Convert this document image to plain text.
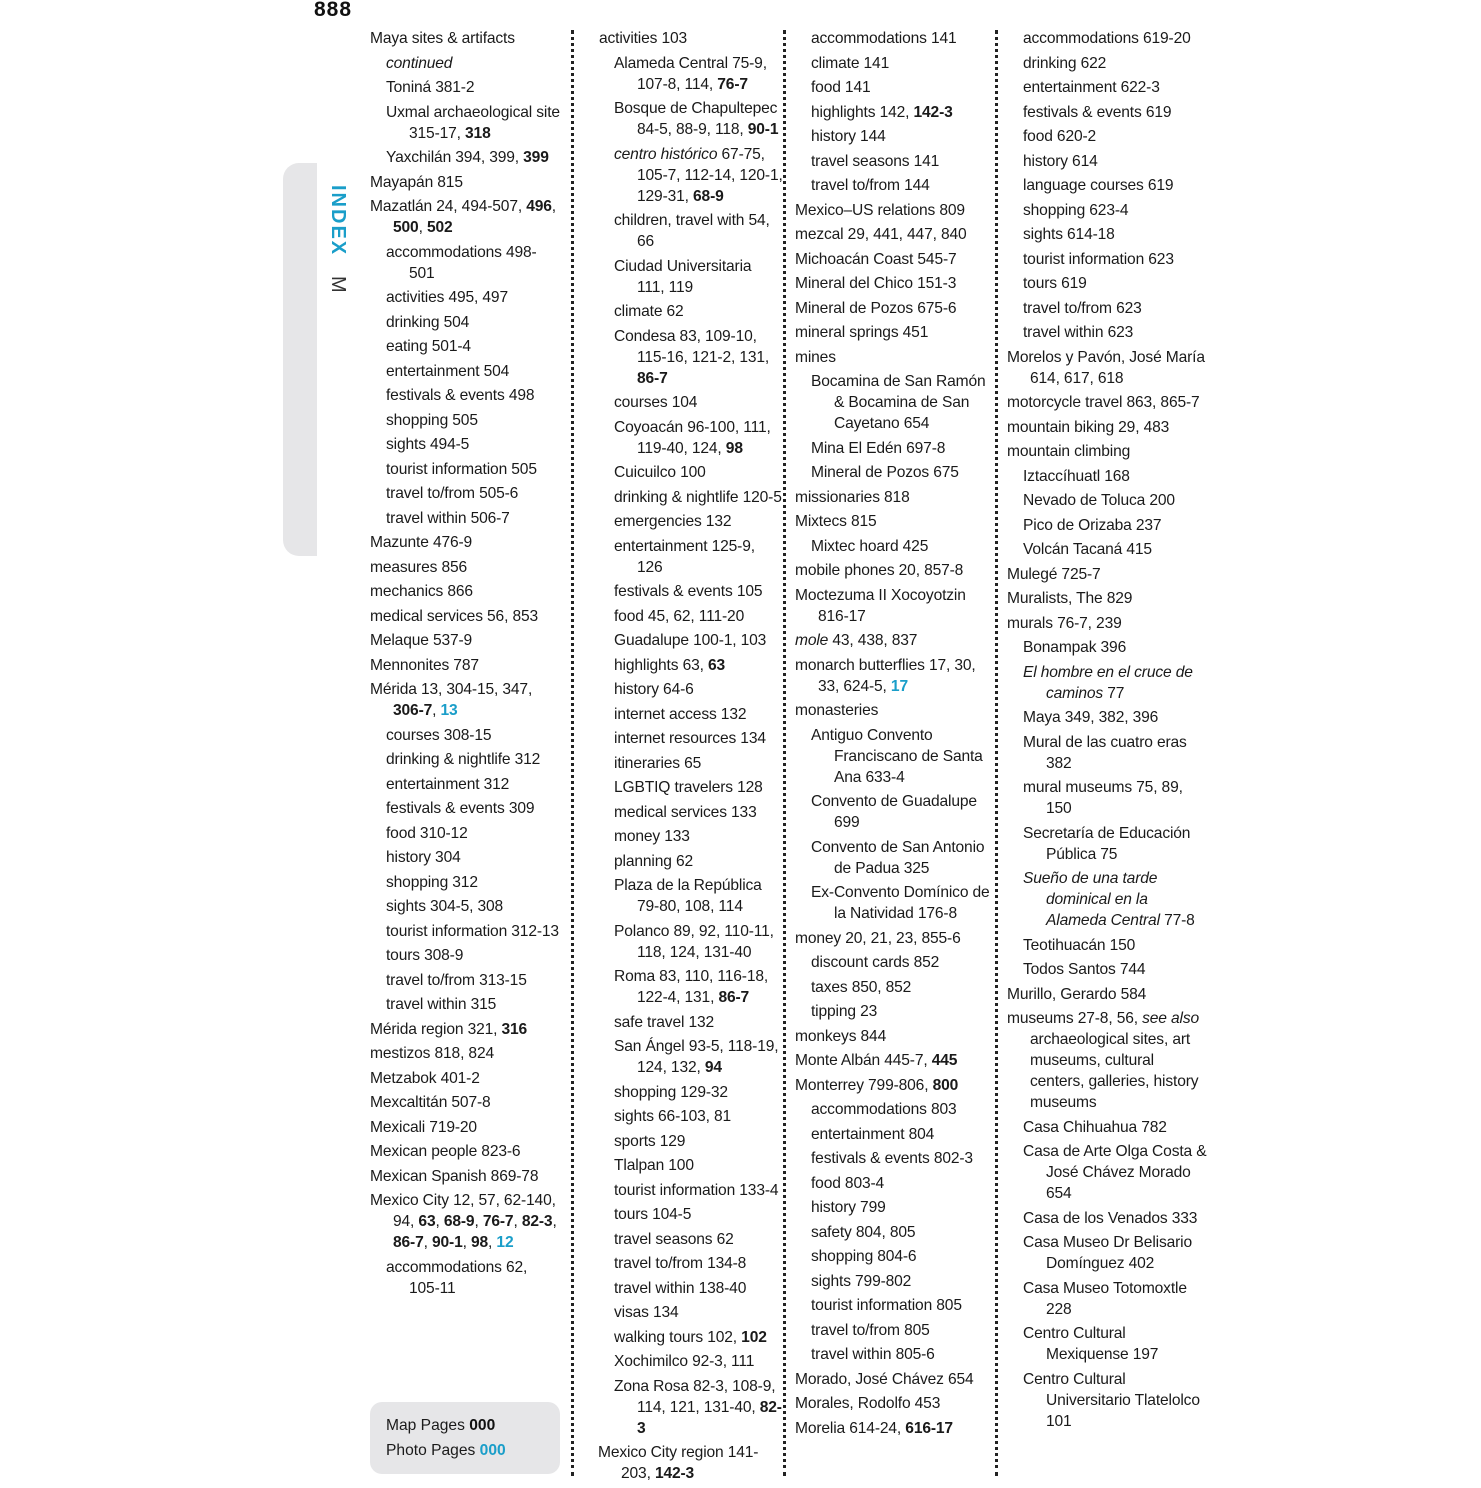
888
INDEX M
Maya sites & artifacts
continued
Toniná 381-2
Uxmal archaeological site 315-17, 318
Yaxchilán 394, 399, 399
Mayapán 815
Mazatlán 24, 494-507, 496, 500, 502
accommodations 498-501
activities 495, 497
drinking 504
eating 501-4
entertainment 504
festivals & events 498
shopping 505
sights 494-5
tourist information 505
travel to/from 505-6
travel within 506-7
Mazunte 476-9
measures 856
mechanics 866
medical services 56, 853
Melaque 537-9
Mennonites 787
Mérida 13, 304-15, 347, 306-7, 13
courses 308-15
drinking & nightlife 312
entertainment 312
festivals & events 309
food 310-12
history 304
shopping 312
sights 304-5, 308
tourist information 312-13
tours 308-9
travel to/from 313-15
travel within 315
Mérida region 321, 316
mestizos 818, 824
Metzabok 401-2
Mexcaltitán 507-8
Mexicali 719-20
Mexican people 823-6
Mexican Spanish 869-78
Mexico City 12, 57, 62-140, 94, 63, 68-9, 76-7, 82-3, 86-7, 90-1, 98, 12
accommodations 62, 105-11
activities 103
Alameda Central 75-9, 107-8, 114, 76-7
Bosque de Chapultepec 84-5, 88-9, 118, 90-1
centro histórico 67-75, 105-7, 112-14, 120-1, 129-31, 68-9
children, travel with 54, 66
Ciudad Universitaria 111, 119
climate 62
Condesa 83, 109-10, 115-16, 121-2, 131, 86-7
courses 104
Coyoacán 96-100, 111, 119-40, 124, 98
Cuicuilco 100
drinking & nightlife 120-5
emergencies 132
entertainment 125-9, 126
festivals & events 105
food 45, 62, 111-20
Guadalupe 100-1, 103
highlights 63, 63
history 64-6
internet access 132
internet resources 134
itineraries 65
LGBTIQ travelers 128
medical services 133
money 133
planning 62
Plaza de la República 79-80, 108, 114
Polanco 89, 92, 110-11, 118, 124, 131-40
Roma 83, 110, 116-18, 122-4, 131, 86-7
safe travel 132
San Ángel 93-5, 118-19, 124, 132, 94
shopping 129-32
sights 66-103, 81
sports 129
Tlalpan 100
tourist information 133-4
tours 104-5
travel seasons 62
travel to/from 134-8
travel within 138-40
visas 134
walking tours 102, 102
Xochimilco 92-3, 111
Zona Rosa 82-3, 108-9, 114, 121, 131-40, 82-3
Mexico City region 141-203, 142-3
accommodations 141
climate 141
food 141
highlights 142, 142-3
history 144
travel seasons 141
travel to/from 144
Mexico–US relations 809
mezcal 29, 441, 447, 840
Michoacán Coast 545-7
Mineral del Chico 151-3
Mineral de Pozos 675-6
mineral springs 451
mines
Bocamina de San Ramón & Bocamina de San Cayetano 654
Mina El Edén 697-8
Mineral de Pozos 675
missionaries 818
Mixtecs 815
Mixtec hoard 425
mobile phones 20, 857-8
Moctezuma II Xocoyotzin 816-17
mole 43, 438, 837
monarch butterflies 17, 30, 33, 624-5, 17
monasteries
Antiguo Convento Franciscano de Santa Ana 633-4
Convento de Guadalupe 699
Convento de San Antonio de Padua 325
Ex-Convento Domínico de la Natividad 176-8
money 20, 21, 23, 855-6
discount cards 852
taxes 850, 852
tipping 23
monkeys 844
Monte Albán 445-7, 445
Monterrey 799-806, 800
accommodations 803
entertainment 804
festivals & events 802-3
food 803-4
history 799
safety 804, 805
shopping 804-6
sights 799-802
tourist information 805
travel to/from 805
travel within 805-6
Morado, José Chávez 654
Morales, Rodolfo 453
Morelia 614-24, 616-17
accommodations 619-20
drinking 622
entertainment 622-3
festivals & events 619
food 620-2
history 614
language courses 619
shopping 623-4
sights 614-18
tourist information 623
tours 619
travel to/from 623
travel within 623
Morelos y Pavón, José María 614, 617, 618
motorcycle travel 863, 865-7
mountain biking 29, 483
mountain climbing
Iztaccíhuatl 168
Nevado de Toluca 200
Pico de Orizaba 237
Volcán Tacaná 415
Mulegé 725-7
Muralists, The 829
murals 76-7, 239
Bonampak 396
El hombre en el cruce de caminos 77
Maya 349, 382, 396
Mural de las cuatro eras 382
mural museums 75, 89, 150
Secretaría de Educación Pública 75
Sueño de una tarde dominical en la Alameda Central 77-8
Teotihuacán 150
Todos Santos 744
Murillo, Gerardo 584
museums 27-8, 56, see also archaeological sites, art museums, cultural centers, galleries, history museums
Casa Chihuahua 782
Casa de Arte Olga Costa & José Chávez Morado 654
Casa de los Venados 333
Casa Museo Dr Belisario Domínguez 402
Casa Museo Totomoxtle 228
Centro Cultural Mexiquense 197
Centro Cultural Universitario Tlatelolco 101
Map Pages 000
Photo Pages 000
